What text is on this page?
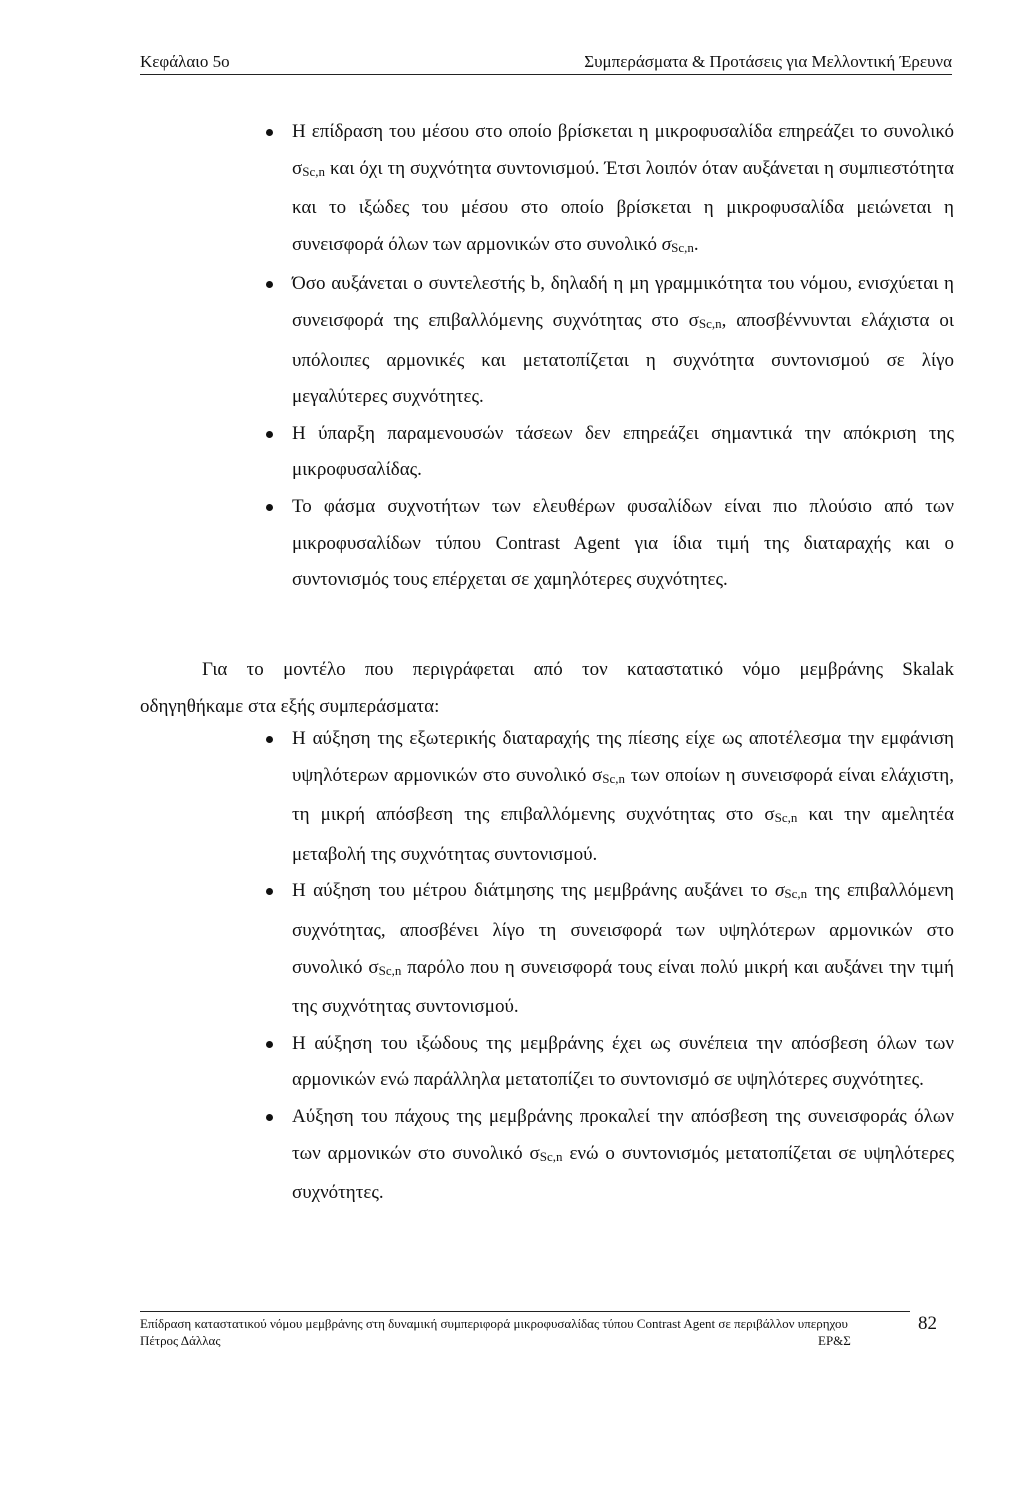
Κεφάλαιο 5ο	Συμπεράσματα & Προτάσεις για Μελλοντική Έρευνα
Η επίδραση του μέσου στο οποίο βρίσκεται η μικροφυσαλίδα επηρεάζει το συνολικό $\sigma_{Sc,n}$ και όχι τη συχνότητα συντονισμού. Έτσι λοιπόν όταν αυξάνεται η συμπιεστότητα και το ιξώδες του μέσου στο οποίο βρίσκεται η μικροφυσαλίδα μειώνεται η συνεισφορά όλων των αρμονικών στο συνολικό $\sigma_{Sc,n}$.
Όσο αυξάνεται ο συντελεστής b, δηλαδή η μη γραμμικότητα του νόμου, ενισχύεται η συνεισφορά της επιβαλλόμενης συχνότητας στο $\sigma_{Sc,n}$, αποσβέννυνται ελάχιστα οι υπόλοιπες αρμονικές και μετατοπίζεται η συχνότητα συντονισμού σε λίγο μεγαλύτερες συχνότητες.
Η ύπαρξη παραμενουσών τάσεων δεν επηρεάζει σημαντικά την απόκριση της μικροφυσαλίδας.
Το φάσμα συχνοτήτων των ελευθέρων φυσαλίδων είναι πιο πλούσιο από των μικροφυσαλίδων τύπου Contrast Agent για ίδια τιμή της διαταραχής και ο συντονισμός τους επέρχεται σε χαμηλότερες συχνότητες.

Για το μοντέλο που περιγράφεται από τον καταστατικό νόμο μεμβράνης Skalak
οδηγηθήκαμε στα εξής συμπεράσματα:

Η αύξηση της εξωτερικής διαταραχής της πίεσης είχε ως αποτέλεσμα την εμφάνιση υψηλότερων αρμονικών στο συνολικό $\sigma_{Sc,n}$ των οποίων η συνεισφορά είναι ελάχιστη, τη μικρή απόσβεση της επιβαλλόμενης συχνότητας στο $\sigma_{Sc,n}$ και την αμελητέα μεταβολή της συχνότητας συντονισμού.
Η αύξηση του μέτρου διάτμησης της μεμβράνης αυξάνει το $\sigma_{Sc,n}$ της επιβαλλόμενη συχνότητας, αποσβένει λίγο τη συνεισφορά των υψηλότερων αρμονικών στο συνολικό $\sigma_{Sc,n}$ παρόλο που η συνεισφορά τους είναι πολύ μικρή και αυξάνει την τιμή της συχνότητας συντονισμού.
Η αύξηση του ιξώδους της μεμβράνης έχει ως συνέπεια την απόσβεση όλων των αρμονικών ενώ παράλληλα μετατοπίζει το συντονισμό σε υψηλότερες συχνότητες.
Αύξηση του πάχους της μεμβράνης προκαλεί την απόσβεση της συνεισφοράς όλων των αρμονικών στο συνολικό $\sigma_{Sc,n}$ ενώ ο συντονισμός μετατοπίζεται σε υψηλότερες συχνότητες.
Επίδραση καταστατικού νόμου μεμβράνης στη δυναμική συμπεριφορά μικροφυσαλίδας τύπου Contrast Agent σε περιβάλλον υπερηχου
Πέτρος Δάλλας	ΕΡ&Σ
82
